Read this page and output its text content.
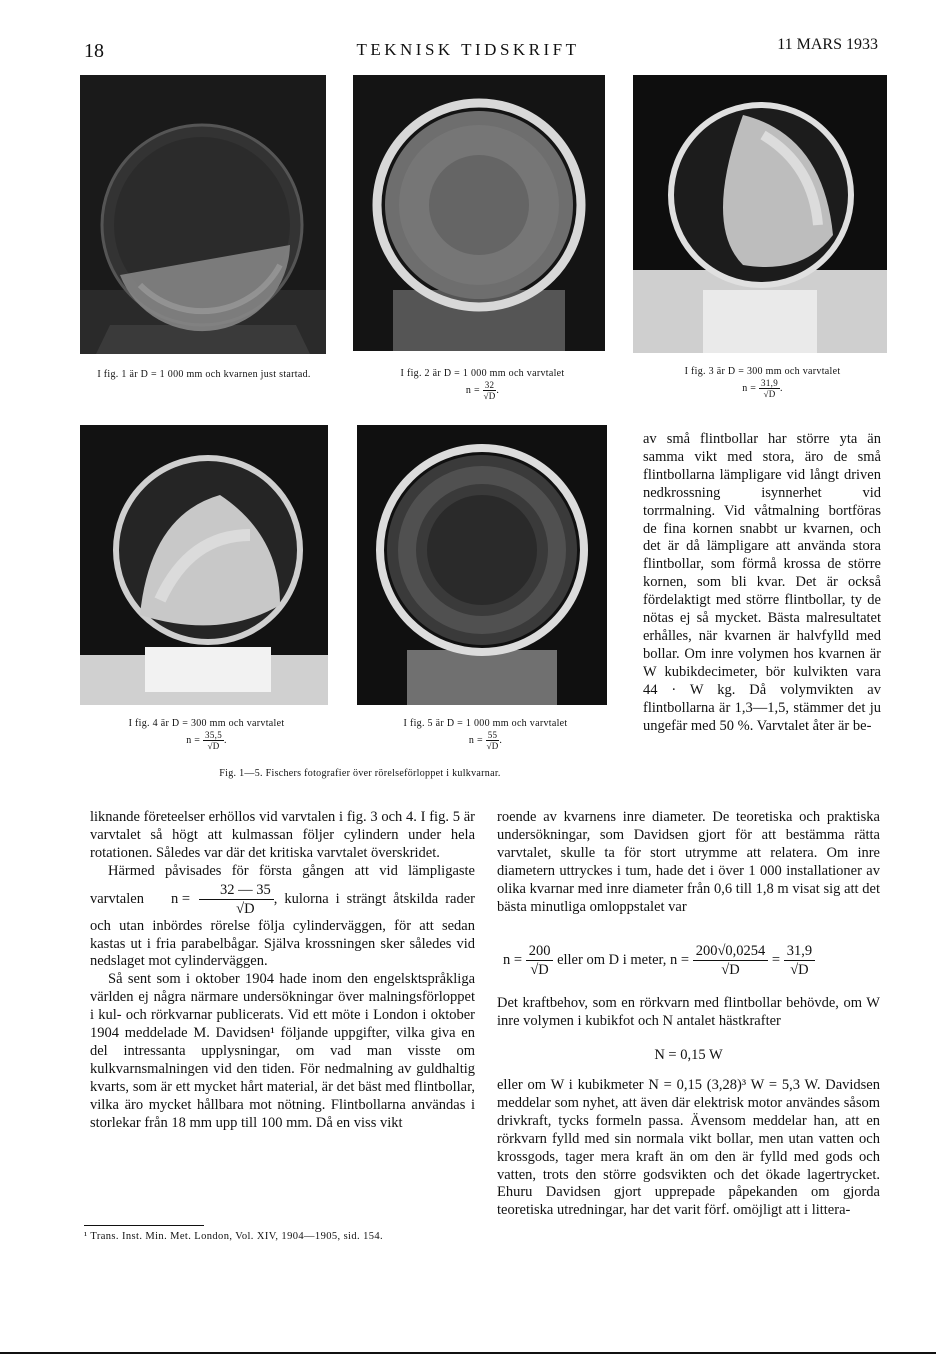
18	TEKNISK TIDSKRIFT	11 MARS 1933
I fig. 1 är D = 1 000 mm och kvarnen just startad.	I fig. 2 är D = 1 000 mm och varvtalet
$n = \frac{32}{√D}$.
I fig. 3 är D = 300 mm och varvtalet
$n = \frac{31,9}{√D}$.
I fig. 4 är D = 300 mm och varvtalet
$n = \frac{35,5}{√D}$.
I fig. 5 är D = 1 000 mm och varvtalet
$n = \frac{55}{√D}$.
Fig. 1—5. Fischers fotografier över rörelseförloppet i kulkvarnar.

av små flintbollar har större yta än samma vikt med stora, äro de små flintbollarna lämpligare vid långt driven nedkrossning isynnerhet vid torrmalning. Vid våtmalning bortföras de fina kornen snabbt ur kvarnen, och det är då lämpligare att använda stora flintbollar, som förmå krossa de större kornen, som bli kvar. Det är också fördelaktigt med större flintbollar, ty de nötas ej så mycket. Bästa malresultatet erhålles, när kvarnen är halvfylld med bollar. Om inre volymen hos kvarnen är W kubikdecimeter, bör kulvikten vara 44 · W kg. Då volymvikten av flintbollarna är 1,3—1,5, stämmer det ju ungefär med 50 %. Varvtalet åter är be-

liknande företeelser erhöllos vid varvtalen i fig. 3 och 4. I fig. 5 är varvtalet så högt att kulmassan följer cylindern under hela rotationen. Således var där det kritiska varvtalet överskridet.

Härmed påvisades för första gången att vid lämpligaste varvtalen $n = \frac{32 — 35}{√D}$ , kulorna i strängt åtskilda rader och utan inbördes rörelse följa cylinderväggen, för att sedan kastas ut i fria parabelbågar. Själva krossningen sker således vid nedslaget mot cylinderväggen.

Så sent som i oktober 1904 hade inom den engelsktspråkliga världen ej några närmare undersökningar över malningsförloppet i kul- och rörkvarnar publicerats. Vid ett möte i London i oktober 1904 meddelade M. Davidsen¹ följande uppgifter, vilka giva en del intressanta upplysningar, om vad man visste om kulkvarnsmalningen vid den tiden. För nedmalning av guldhaltig kvarts, som är ett mycket hårt material, är det bäst med flintbollar, vilka äro mycket hållbara mot nötning. Flintbollarna användas i storlekar från 18 mm upp till 100 mm. Då en viss vikt

¹ Trans. Inst. Min. Met. London, Vol. XIV, 1904—1905, sid. 154.

roende av kvarnens inre diameter. De teoretiska och praktiska undersökningar, som Davidsen gjort för att bestämma rätta varvtalet, skulle ta för stort utrymme att relatera. Om inre diametern uttryckes i tum, hade det i över 1 000 installationer av olika kvarnar med inre diameter från 0,6 till 1,8 m visat sig att det bästa minutliga omloppstalet var

$n = \frac{200}{√D}$ eller om D i meter, $n = \frac{200√0,0254}{√D} = \frac{31,9}{√D}$

Det kraftbehov, som en rörkvarn med flintbollar behövde, om W inre volymen i kubikfot och N antalet hästkrafter

N = 0,15 W

eller om W i kubikmeter N = 0,15 (3,28)³ W = 5,3 W. Davidsen meddelar som nyhet, att även där elektrisk motor användes såsom drivkraft, tycks formeln passa. Ävensom meddelar han, att en rörkvarn fylld med sin normala vikt bollar, men utan vatten och krossgods, tager mera kraft än om den är fylld med gods och vatten, trots den större godsvikten och det ökade lagertrycket. Ehuru Davidsen gjort upprepade påpekanden om gjorda teoretiska utredningar, har det varit förf. omöjligt att i littera-
